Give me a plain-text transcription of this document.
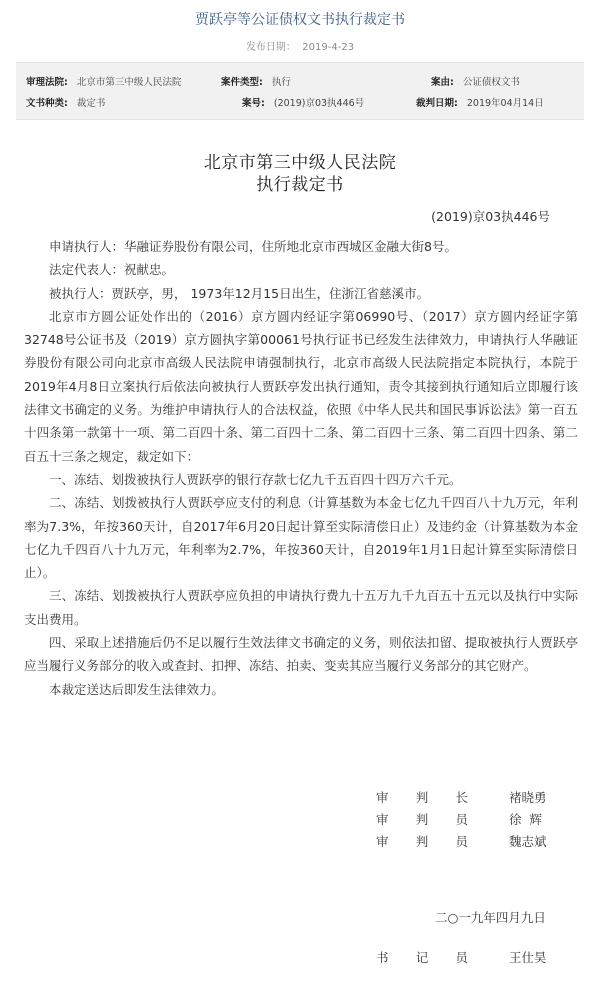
贾跃亭等公证债权文书执行裁定书
发布日期： 2019-4-23
审理法院: 北京市第三中级人民法院	案件类型: 执行	案由: 公证债权文书
文书种类: 裁定书	案号: (2019)京03执446号	裁判日期: 2019年04月14日
北京市第三中级人民法院
执行裁定书
(2019)京03执446号

申请执行人：华融证券股份有限公司，住所地北京市西城区金融大街8号。

法定代表人：祝献忠。

被执行人：贾跃亭，男， 1973年12月15日出生，住浙江省慈溪市。

北京市方圆公证处作出的（2016）京方圆内经证字第06990号、（2017）京方圆内经证字第32748号公证书及（2019）京方圆执字第00061号执行证书已经发生法律效力，申请执行人华融证券股份有限公司向北京市高级人民法院申请强制执行，北京市高级人民法院指定本院执行，本院于2019年4月8日立案执行后依法向被执行人贾跃亭发出执行通知，责令其接到执行通知后立即履行该法律文书确定的义务。为维护申请执行人的合法权益，依照《中华人民共和国民事诉讼法》第一百五十四条第一款第十一项、第二百四十条、第二百四十二条、第二百四十三条、第二百四十四条、第二百五十三条之规定，裁定如下：

一、冻结、划拨被执行人贾跃亭的银行存款七亿九千五百四十四万六千元。

二、冻结、划拨被执行人贾跃亭应支付的利息（计算基数为本金七亿九千四百八十九万元，年利率为7.3%，年按360天计，自2017年6月20日起计算至实际清偿日止）及违约金（计算基数为本金七亿九千四百八十九万元，年利率为2.7%，年按360天计，自2019年1月1日起计算至实际清偿日止）。

三、冻结、划拨被执行人贾跃亭应负担的申请执行费九十五万九千九百五十五元以及执行中实际支出费用。

四、采取上述措施后仍不足以履行生效法律文书确定的义务，则依法扣留、提取被执行人贾跃亭应当履行义务部分的收入或查封、扣押、冻结、拍卖、变卖其应当履行义务部分的其它财产。

本裁定送达后即发生法律效力。

审 判 长	褚晓勇
审 判 员	徐  辉
审 判 员	魏志斌
二○一九年四月九日
书 记 员	王仕昊
